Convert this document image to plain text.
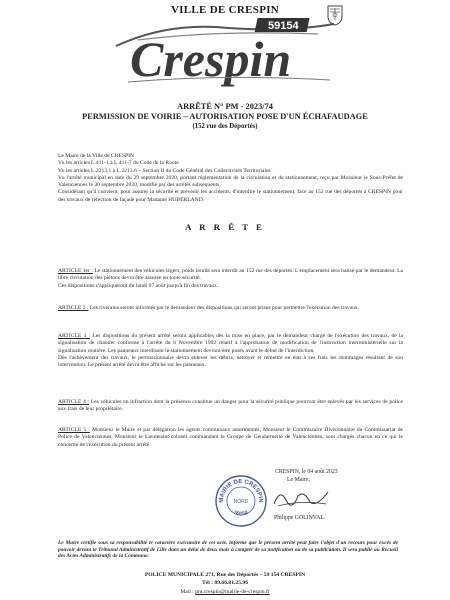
VILLE DE CRESPIN
59154
Crespin
ARRÊTÉ N° PM - 2023/74
PERMISSION DE VOIRIE – AUTORISATION POSE D'UN ÉCHAFAUDAGE
(152 rue des Déportés)

Le Maire de la Ville de CRESPIN

Vu les articles L.411-1 à L.411-7 du Code de la Route

Vu les articles L.2213.1 à L.2213.6 – Section II du Code Général des Collectivités Territoriales

Vu l'arrêté municipal en date du 29 septembre 2020, portant réglementation de la circulation et du stationnement, reçu par Monsieur le Sous-Préfet de Valenciennes le 30 septembre 2020, modifié par des arrêtés subséquents.

Considérant qu'il convient, pour assurer la sécurité et prévenir les accidents, d'interdire le stationnement, face au 152 rue des déportés à CRESPIN pour des travaux de réfection de façade pour Madame HUBERLAND.

A R R Ê T E

ARTICLE 1er : Le stationnement des véhicules légers, poids lourds sera interdit au 152 rue des déportés. L'emplacement sera balisé par le demandeur. La libre circulation des piétons devra être assurée en toute sécurité.

Ces dispositions s'appliqueront du lundi 07 août jusqu'à fin des travaux.

ARTICLE 2 : Les riverains seront informés par le demandeur des dispositions qui seront prises pour permettre l'exécution des travaux.

ARTICLE 3 : Les dispositions du présent arrêté seront applicables dès la mise en place, par le demandeur chargé de l'exécution des travaux, de la signalisation de chantier conforme à l'arrêté du 6 Novembre 1992 relatif à l'approbation de modification de l'instruction interministérielle sur la signalisation routière. Les panneaux interdisant le stationnement devront être posés avant le début de l'interdiction.

Dès l'achèvement des travaux, le permissionnaire devra enlever les débris, nettoyer et remettre en état à ses frais les dommages résultant de son intervention. Le présent arrêté devra être affiché sur les panneaux.

ARTICLE 4 : Les véhicules en infraction dont la présence constitue un danger pour la sécurité publique pourront être enlevés par les services de police aux frais de leur propriétaire.

ARTICLE 5 : Monsieur le Maire et par délégation les agents communaux assermentés, Monsieur le Commissaire Divisionnaire du Commissariat de Police de Valenciennes, Monsieur le Lieutenant-colonel commandant le Groupe de Gendarmerie de Valenciennes, sont chargés chacun en ce qui le concerne de l'exécution du présent arrêté.

CRESPIN, le 04 août 2023
Le Maire,
MAIRIE DE CRESPIN
59154
NORD
Philippe GOLINVAL.
Le Maire certifie sous sa responsabilité le caractère exécutoire de cet acte, informe que le présent arrêté peut faire l'objet d'un recours pour excès de pouvoir devant le Tribunal Administratif de Lille dans un délai de deux mois à compter de sa notification ou de sa publication. Il sera publié au Recueil des Actes Administratifs de la Commune.
POLICE MUNICIPALE 271, Rue des Déportés – 59 154 CRESPIN
Tél : 09.66.81.25.96
Mail : pm.crespin@mairie-de-crespin.fr
